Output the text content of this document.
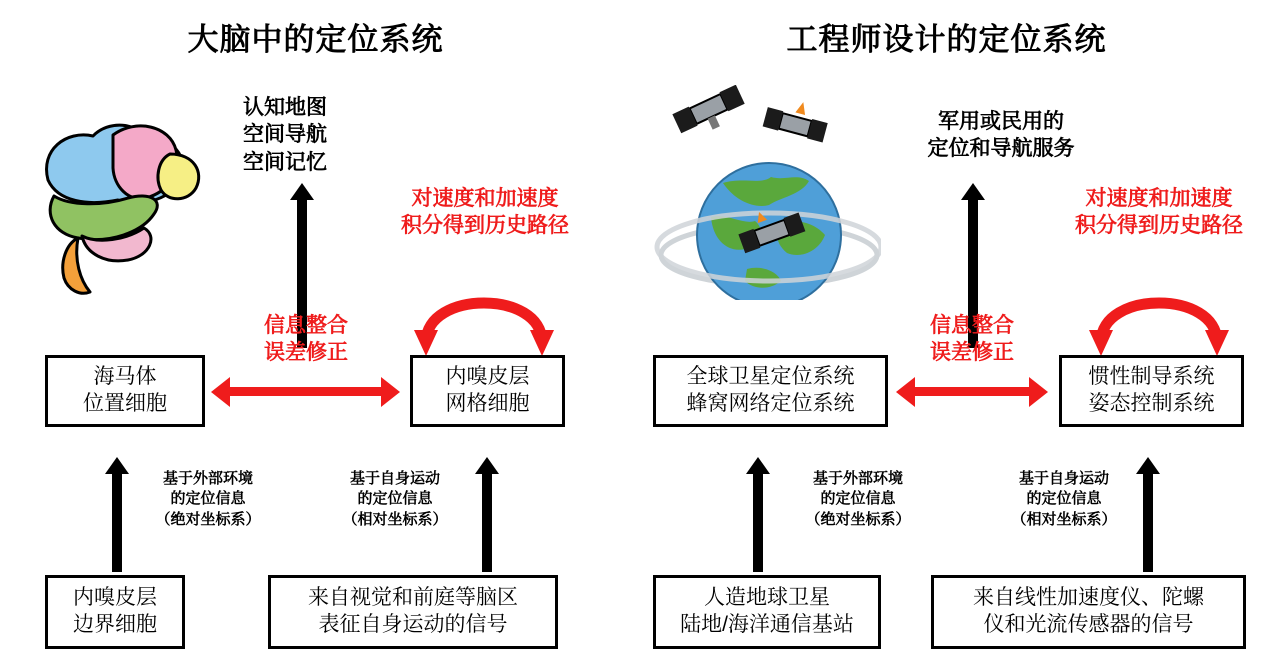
大脑中的定位系统
认知地图
空间导航
空间记忆
对速度和加速度
积分得到历史路径
海马体
位置细胞
内嗅皮层
网格细胞
信息整合
误差修正
基于外部环境
的定位信息
（绝对坐标系）
基于自身运动
的定位信息
（相对坐标系）
内嗅皮层
边界细胞
来自视觉和前庭等脑区
表征自身运动的信号
工程师设计的定位系统
军用或民用的
定位和导航服务
对速度和加速度
积分得到历史路径
全球卫星定位系统
蜂窝网络定位系统
惯性制导系统
姿态控制系统
信息整合
误差修正
基于外部环境
的定位信息
（绝对坐标系）
基于自身运动
的定位信息
（相对坐标系）
人造地球卫星
陆地/海洋通信基站
来自线性加速度仪、陀螺
仪和光流传感器的信号
